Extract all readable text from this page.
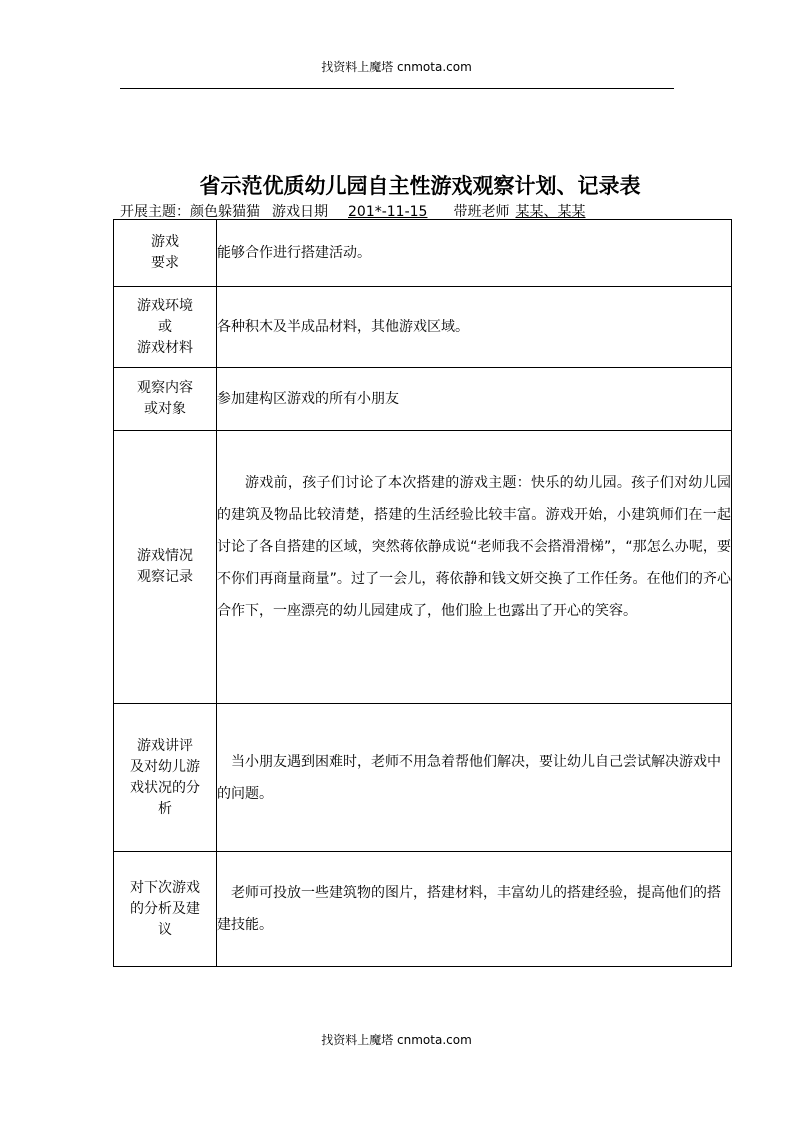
找资料上魔塔 cnmota.com
省示范优质幼儿园自主性游戏观察计划、记录表
开展主题：颜色躲猫猫 游戏日期 201*-11-15 带班老师 某某、某某
游戏
要求	能够合作进行搭建活动。

游戏环境
或
游戏材料	各种积木及半成品材料，其他游戏区域。

观察内容
或对象	参加建构区游戏的所有小朋友

游戏情况
观察记录	游戏前，孩子们讨论了本次搭建的游戏主题：快乐的幼儿园。孩子们对幼儿园的建筑及物品比较清楚，搭建的生活经验比较丰富。游戏开始，小建筑师们在一起讨论了各自搭建的区域，突然蒋依静成说“老师我不会搭滑滑梯”，“那怎么办呢，要不你们再商量商量”。过了一会儿，蒋依静和钱文妍交换了工作任务。在他们的齐心合作下，一座漂亮的幼儿园建成了，他们脸上也露出了开心的笑容。

游戏讲评
及对幼儿游
戏状况的分
析	当小朋友遇到困难时，老师不用急着帮他们解决，要让幼儿自己尝试解决游戏中的问题。

对下次游戏
的分析及建
议	老师可投放一些建筑物的图片，搭建材料，丰富幼儿的搭建经验，提高他们的搭建技能。
找资料上魔塔 cnmota.com
